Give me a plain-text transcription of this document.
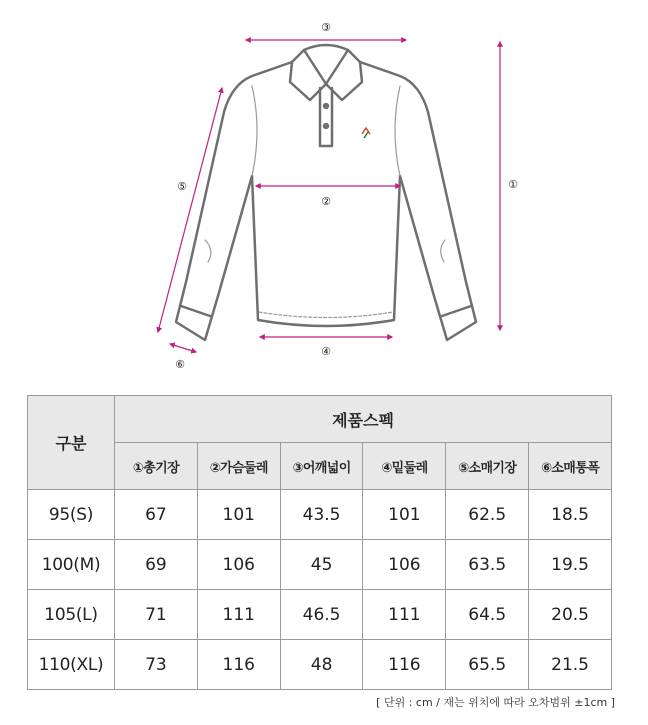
③
②
④
①
⑤
⑥
구분	제품스펙					
	①총기장	②가슴둘레	③어깨넓이	④밑둘레	⑤소매기장	⑥소매통폭
95(S)	67	101	43.5	101	62.5	18.5
100(M)	69	106	45	106	63.5	19.5
105(L)	71	111	46.5	111	64.5	20.5
110(XL)	73	116	48	116	65.5	21.5
[ 단위 : cm / 재는 위치에 따라 오차범위 ±1cm ]
